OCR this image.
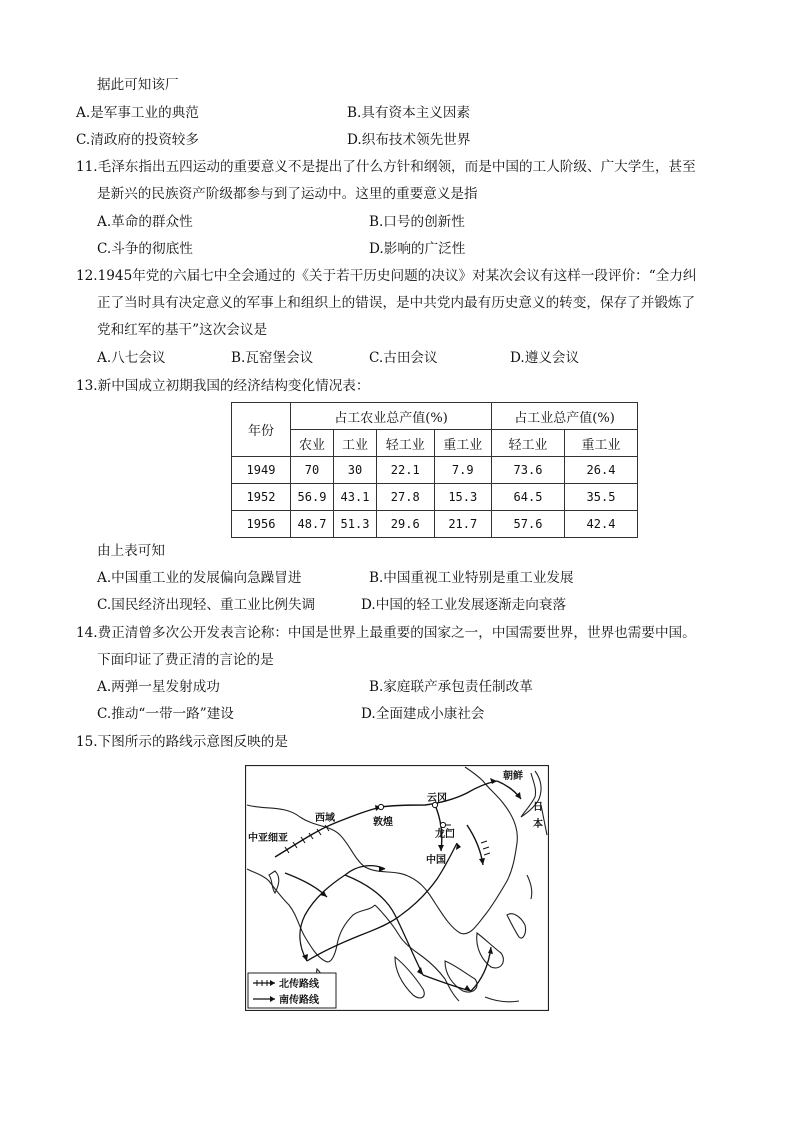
据此可知该厂
A.是军事工业的典范	B.具有资本主义因素
C.清政府的投资较多	D.织布技术领先世界
11.毛泽东指出五四运动的重要意义不是提出了什么方针和纲领，而是中国的工人阶级、广大学生，甚至
是新兴的民族资产阶级都参与到了运动中。这里的重要意义是指
A.革命的群众性	B.口号的创新性
C.斗争的彻底性	D.影响的广泛性
12.1945年党的六届七中全会通过的《关于若干历史问题的决议》对某次会议有这样一段评价：“全力纠
正了当时具有决定意义的军事上和组织上的错误，是中共党内最有历史意义的转变，保存了并锻炼了
党和红军的基干”这次会议是
A.八七会议	B.瓦窑堡会议	C.古田会议	D.遵义会议
13.新中国成立初期我国的经济结构变化情况表：
年份	占工农业总产值(%)				占工业总产值(%)	
	农业	工业	轻工业	重工业	轻工业	重工业
1949	70	30	22.1	7.9	73.6	26.4
1952	56.9	43.1	27.8	15.3	64.5	35.5
1956	48.7	51.3	29.6	21.7	57.6	42.4
由上表可知
A.中国重工业的发展偏向急躁冒进	B.中国重视工业特别是重工业发展
C.国民经济出现轻、重工业比例失调	D.中国的轻工业发展逐渐走向衰落
14.费正清曾多次公开发表言论称：中国是世界上最重要的国家之一，中国需要世界，世界也需要中国。
下面印证了费正清的言论的是
A.两弹一星发射成功	B.家庭联产承包责任制改革
C.推动“一带一路”建设	D.全面建成小康社会
15.下图所示的路线示意图反映的是
朝鲜
日
本
西域	敦煌
云冈
龙门
中国
中亚细亚
北传路线
南传路线
